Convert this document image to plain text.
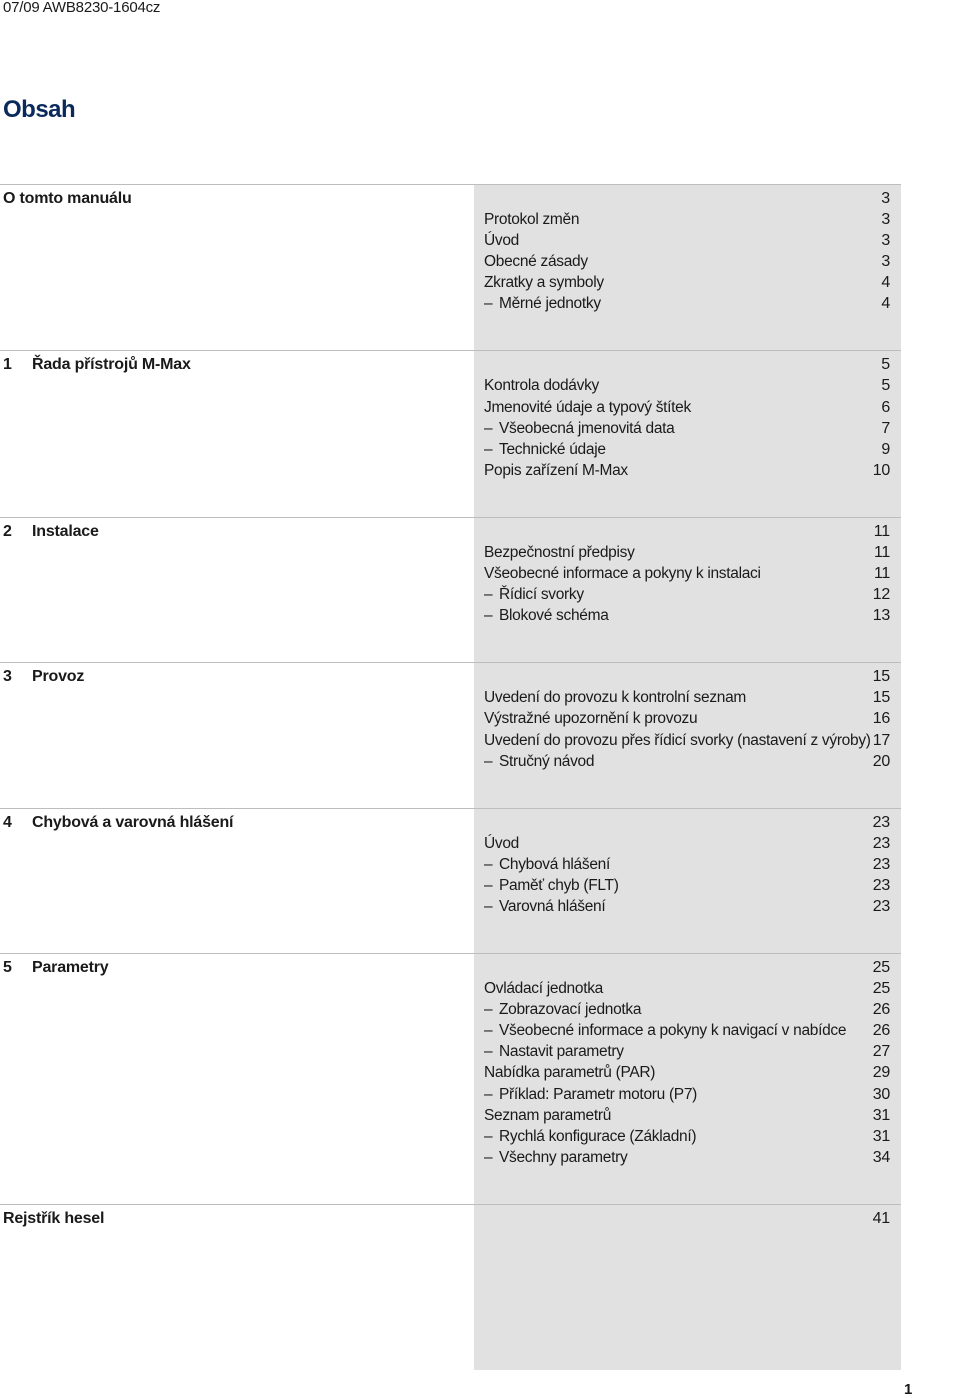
07/09 AWB8230-1604cz
Obsah
O tomto manuálu	3
Protokol změn	3
Úvod	3
Obecné zásady	3
Zkratky a symboly	4
– Měrné jednotky	4
1 Řada přístrojů M-Max	5
Kontrola dodávky	5
Jmenovité údaje a typový štítek	6
– Všeobecná jmenovitá data	7
– Technické údaje	9
Popis zařízení M-Max	10
2 Instalace	11
Bezpečnostní předpisy	11
Všeobecné informace a pokyny k instalaci	11
– Řídicí svorky	12
– Blokové schéma	13
3 Provoz	15
Uvedení do provozu k kontrolní seznam	15
Výstražné upozornění k provozu	16
Uvedení do provozu přes řídicí svorky (nastavení z výroby) 17
– Stručný návod	20
4 Chybová a varovná hlášení	23
Úvod	23
– Chybová hlášení	23
– Paměť chyb (FLT)	23
– Varovná hlášení	23
5 Parametry	25
Ovládací jednotka	25
– Zobrazovací jednotka	26
– Všeobecné informace a pokyny k navigací v nabídce 26
– Nastavit parametry	27
Nabídka parametrů (PAR)	29
– Příklad: Parametr motoru (P7)	30
Seznam parametrů	31
– Rychlá konfigurace (Základní)	31
– Všechny parametry	34
Rejstřík hesel	41
1
